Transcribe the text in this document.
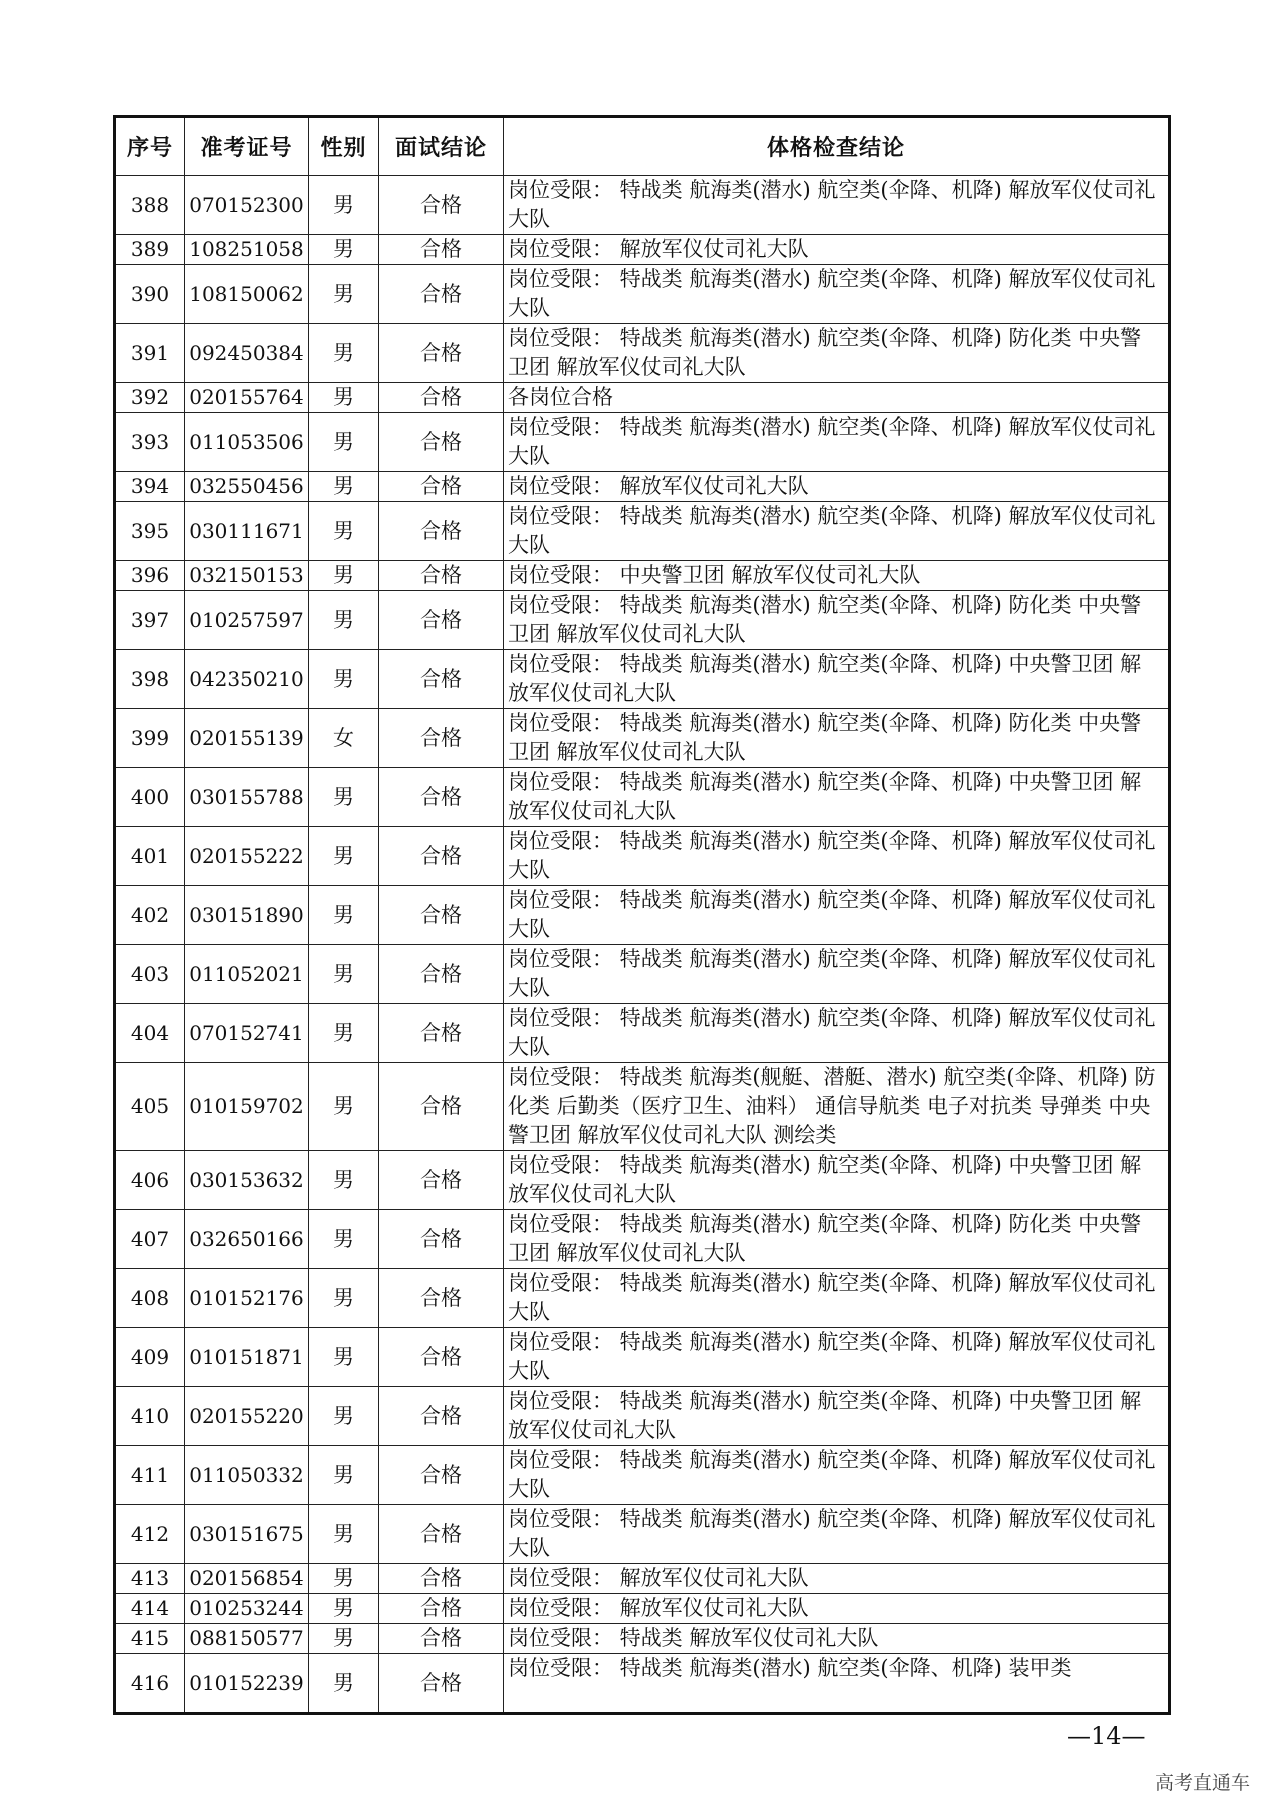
序号	准考证号	性别	面试结论	体格检查结论
388	070152300	男	合格	岗位受限： 特战类 航海类(潜水) 航空类(伞降、机降) 解放军仪仗司礼大队
389	108251058	男	合格	岗位受限： 解放军仪仗司礼大队
390	108150062	男	合格	岗位受限： 特战类 航海类(潜水) 航空类(伞降、机降) 解放军仪仗司礼大队
391	092450384	男	合格	岗位受限： 特战类 航海类(潜水) 航空类(伞降、机降) 防化类 中央警卫团 解放军仪仗司礼大队
392	020155764	男	合格	各岗位合格
393	011053506	男	合格	岗位受限： 特战类 航海类(潜水) 航空类(伞降、机降) 解放军仪仗司礼大队
394	032550456	男	合格	岗位受限： 解放军仪仗司礼大队
395	030111671	男	合格	岗位受限： 特战类 航海类(潜水) 航空类(伞降、机降) 解放军仪仗司礼大队
396	032150153	男	合格	岗位受限： 中央警卫团 解放军仪仗司礼大队
397	010257597	男	合格	岗位受限： 特战类 航海类(潜水) 航空类(伞降、机降) 防化类 中央警卫团 解放军仪仗司礼大队
398	042350210	男	合格	岗位受限： 特战类 航海类(潜水) 航空类(伞降、机降) 中央警卫团 解放军仪仗司礼大队
399	020155139	女	合格	岗位受限： 特战类 航海类(潜水) 航空类(伞降、机降) 防化类 中央警卫团 解放军仪仗司礼大队
400	030155788	男	合格	岗位受限： 特战类 航海类(潜水) 航空类(伞降、机降) 中央警卫团 解放军仪仗司礼大队
401	020155222	男	合格	岗位受限： 特战类 航海类(潜水) 航空类(伞降、机降) 解放军仪仗司礼大队
402	030151890	男	合格	岗位受限： 特战类 航海类(潜水) 航空类(伞降、机降) 解放军仪仗司礼大队
403	011052021	男	合格	岗位受限： 特战类 航海类(潜水) 航空类(伞降、机降) 解放军仪仗司礼大队
404	070152741	男	合格	岗位受限： 特战类 航海类(潜水) 航空类(伞降、机降) 解放军仪仗司礼大队
405	010159702	男	合格	岗位受限： 特战类 航海类(舰艇、潜艇、潜水) 航空类(伞降、机降) 防化类 后勤类（医疗卫生、油料） 通信导航类 电子对抗类 导弹类 中央警卫团 解放军仪仗司礼大队 测绘类
406	030153632	男	合格	岗位受限： 特战类 航海类(潜水) 航空类(伞降、机降) 中央警卫团 解放军仪仗司礼大队
407	032650166	男	合格	岗位受限： 特战类 航海类(潜水) 航空类(伞降、机降) 防化类 中央警卫团 解放军仪仗司礼大队
408	010152176	男	合格	岗位受限： 特战类 航海类(潜水) 航空类(伞降、机降) 解放军仪仗司礼大队
409	010151871	男	合格	岗位受限： 特战类 航海类(潜水) 航空类(伞降、机降) 解放军仪仗司礼大队
410	020155220	男	合格	岗位受限： 特战类 航海类(潜水) 航空类(伞降、机降) 中央警卫团 解放军仪仗司礼大队
411	011050332	男	合格	岗位受限： 特战类 航海类(潜水) 航空类(伞降、机降) 解放军仪仗司礼大队
412	030151675	男	合格	岗位受限： 特战类 航海类(潜水) 航空类(伞降、机降) 解放军仪仗司礼大队
413	020156854	男	合格	岗位受限： 解放军仪仗司礼大队
414	010253244	男	合格	岗位受限： 解放军仪仗司礼大队
415	088150577	男	合格	岗位受限： 特战类 解放军仪仗司礼大队
416	010152239	男	合格	岗位受限： 特战类 航海类(潜水) 航空类(伞降、机降) 装甲类
—14—
高考直通车
